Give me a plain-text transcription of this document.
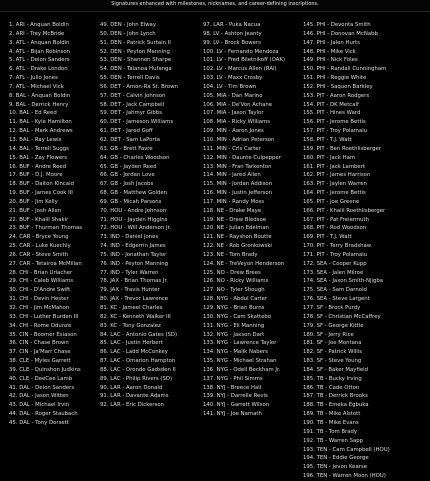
Signatures enhanced with milestones, nicknames, and career-defining inscriptions.
1. ARI - Anquan Boldin
2. ARI - Trey McBride
3. ATL - Anquan Boldin
4. ATL - Bijan Robinson
5. ATL - Deion Sanders
6. ATL - Drake London
7. ATL - Julio Jones
7. ATL - Michael Vick
8. BAL - Anquan Boldin
9. BAL - Derrick Henry
10. BAL - Ed Reed
11. BAL - Kyle Hamilton
12. BAL - Mark Andrews
13. BAL - Ray Lewis
14. BAL - Terrell Suggs
15. BAL - Zay Flowers
16. BUF - Andre Reed
17. BUF - D.J. Moore
18. BUF - Dalton Kincaid
19. BUF - James Cook III
20. BUF - Jim Kelly
21. BUF - Josh Allen
22. BUF - Khalil Shakir
23. BUF - Thurman Thomas
24. CAR - Bryce Young
25. CAR - Luke Kuechly
26. CAR - Steve Smith
27. CAR - Tetairoa McMillan
28. CHI - Brian Urlacher
29. CHI - Caleb Williams
30. CHI - D'Andre Swift
31. CHI - Devin Hester
32. CHI - Jim McMahon
33. CHI - Luther Burden III
34. CHI - Rome Odunze
35. CIN - Boomer Esiason
36. CIN - Chase Brown
37. CIN - Ja'Marr Chase
38. CLE - Myles Garrett
39. CLE - Quinshon Judkins
40. CLE - DeeCee Lamb
41. DAL - Deion Sanders
42. DAL - Jason Witten
43. DAL - Michael Irvin
44. DAL - Roger Staubach
45. DAL - Tony Dorsett
49. DEN - John Elway
50. DEN - John Lynch
51. DEN - Patrick Surtain II
52. DEN - Peyton Manning
53. DEN - Shannon Sharpe
54. DEN - Talanoa Hufanga
55. DEN - Terrell Davis
56. DET - Amon-Ra St. Brown
57. DET - Calvin Johnson
58. DET - Jack Campbell
59. DET - Jahmyr Gibbs
60. DET - Jameson Williams
61. DET - Jared Goff
62. DET - Sam LaPorta
63. GB - Brett Favre
64. GB - Charles Woodson
65. GB - Jayden Reed
66. GB - Jordan Love
67. GB - Josh Jacobs
68. GB - Matthew Golden
69. GB - Micah Parsons
70. HOU - Andre Johnson
71. HOU - Jayden Higgins
72. HOU - Will Anderson Jr.
73. IND - Daniel Jones
74. IND - Edgerrin James
75. IND - Jonathan Taylor
76. IND - Peyton Manning
77. IND - Tyler Warren
78. JAX - Brian Thomas Jr.
79. JAX - Travis Hunter
80. JAX - Trevor Lawrence
81. KC - Jameel Charles
82. KC - Kenneth Walker III
83. KC - Tony Gonzalez
84. LAC - Antonio Gates (SD)
85. LAC - Justin Herbert
86. LAC - Ladd McConkey
87. LAC - Omarion Hampton
88. LAC - Oronde Gadsden II
89. LAC - Philip Rivers (SD)
90. LAR - Aaron Donald
91. LAR - Davante Adams
92. LAR - Eric Dickerson
97. LAR - Puka Nacua
98. LV - Ashton Jeanty
99. LV - Brock Bowers
100. LV - Fernando Mendoza
101. LV - Fred Biletnikoff (OAK)
102. LV - Marcus Allen (RAI)
103. LV - Maxx Crosby
104. LV - Tim Brown
105. MIA - Dan Marino
106. MIA - De'Von Achane
107. MIA - Jason Taylor
108. MIA - Ricky Williams
109. MIN - Aaron Jones
110. MIN - Adrian Peterson
111. MIN - Cris Carter
112. MIN - Daunte Culpepper
113. MIN - Fran Tarkenton
114. MIN - Jared Allen
115. MIN - Jordan Addison
116. MIN - Justin Jefferson
117. MIN - Randy Moss
118. NE - Drake Maye
119. NE - Drew Bledsoe
120. NE - Julian Edelman
121. NE - Rayshon Boutte
122. NE - Rob Gronkowski
123. NE - Tom Brady
124. NE - TreVeyon Henderson
125. NO - Drew Brees
126. NO - Ricky Williams
127. NO - Tyler Shough
128. NYG - Abdul Carter
129. NYG - Brian Burns
130. NYG - Cam Skattebo
131. NYG - Eli Manning
132. NYG - Jaxson Dart
133. NYG - Lawrence Taylor
134. NYG - Malik Nabers
135. NYG - Michael Strahan
136. NYG - Odell Beckham Jr.
137. NYG - Phil Simms
138. NYJ - Breece Hall
139. NYJ - Darrelle Revis
140. NYJ - Garrett Wilson
141. NYJ - Joe Namath
145. PHI - Devonta Smith
146. PHI - Donovan McNabb
147. PHI - Jalen Hurts
148. PHI - Mike Vick
149. PHI - Nick Foles
150. PHI - Randall Cunningham
151. PHI - Reggie White
152. PHI - Saquon Barkley
153. PIT - Aaron Rodgers
154. PIT - DK Metcalf
155. PIT - Hines Ward
156. PIT - Jerome Bettis
157. PIT - Troy Polamalu
158. PIT - T.J. Watt
159. PIT - Ben Roethlisberger
160. PIT - Jack Ham
161. PIT - Jack Lambert
162. PIT - James Harrison
163. PIT - Jaylen Warren
164. PIT - Jerome Bettis
165. PIT - Joe Greene
166. PIT - Khalil Roethlisberger
167. PIT - Pat Freiermuth
168. PIT - Rod Woodson
169. PIT - T.J. Watt
170. PIT - Terry Bradshaw
171. PIT - Troy Polamalu
172. SEA - Cooper Kupp
173. SEA - Jalen Milroe
174. SEA - Jaxon Smith-Njigba
175. SEA - Sam Darnold
176. SEA - Steve Largent
177. SF - Brock Purdy
178. SF - Christian McCaffrey
179. SF - George Kittle
180. SF - Jerry Rice
181. SF - Joe Montana
182. SF - Patrick Willis
183. SF - Steve Young
184. SF - Baker Mayfield
185. TB - Bucky Irving
186. TB - Cade Otton
187. TB - Derrick Brooks
188. TB - Emeka Egbuka
189. TB - Mike Alstott
190. TB - Mike Evans
191. TB - Tom Brady
192. TB - Warren Sapp
193. TEN - Cam Campbell (HOU)
194. TEN - Eddie George
195. TEN - Jevon Kearse
196. TEN - Warren Moon (HOU)
